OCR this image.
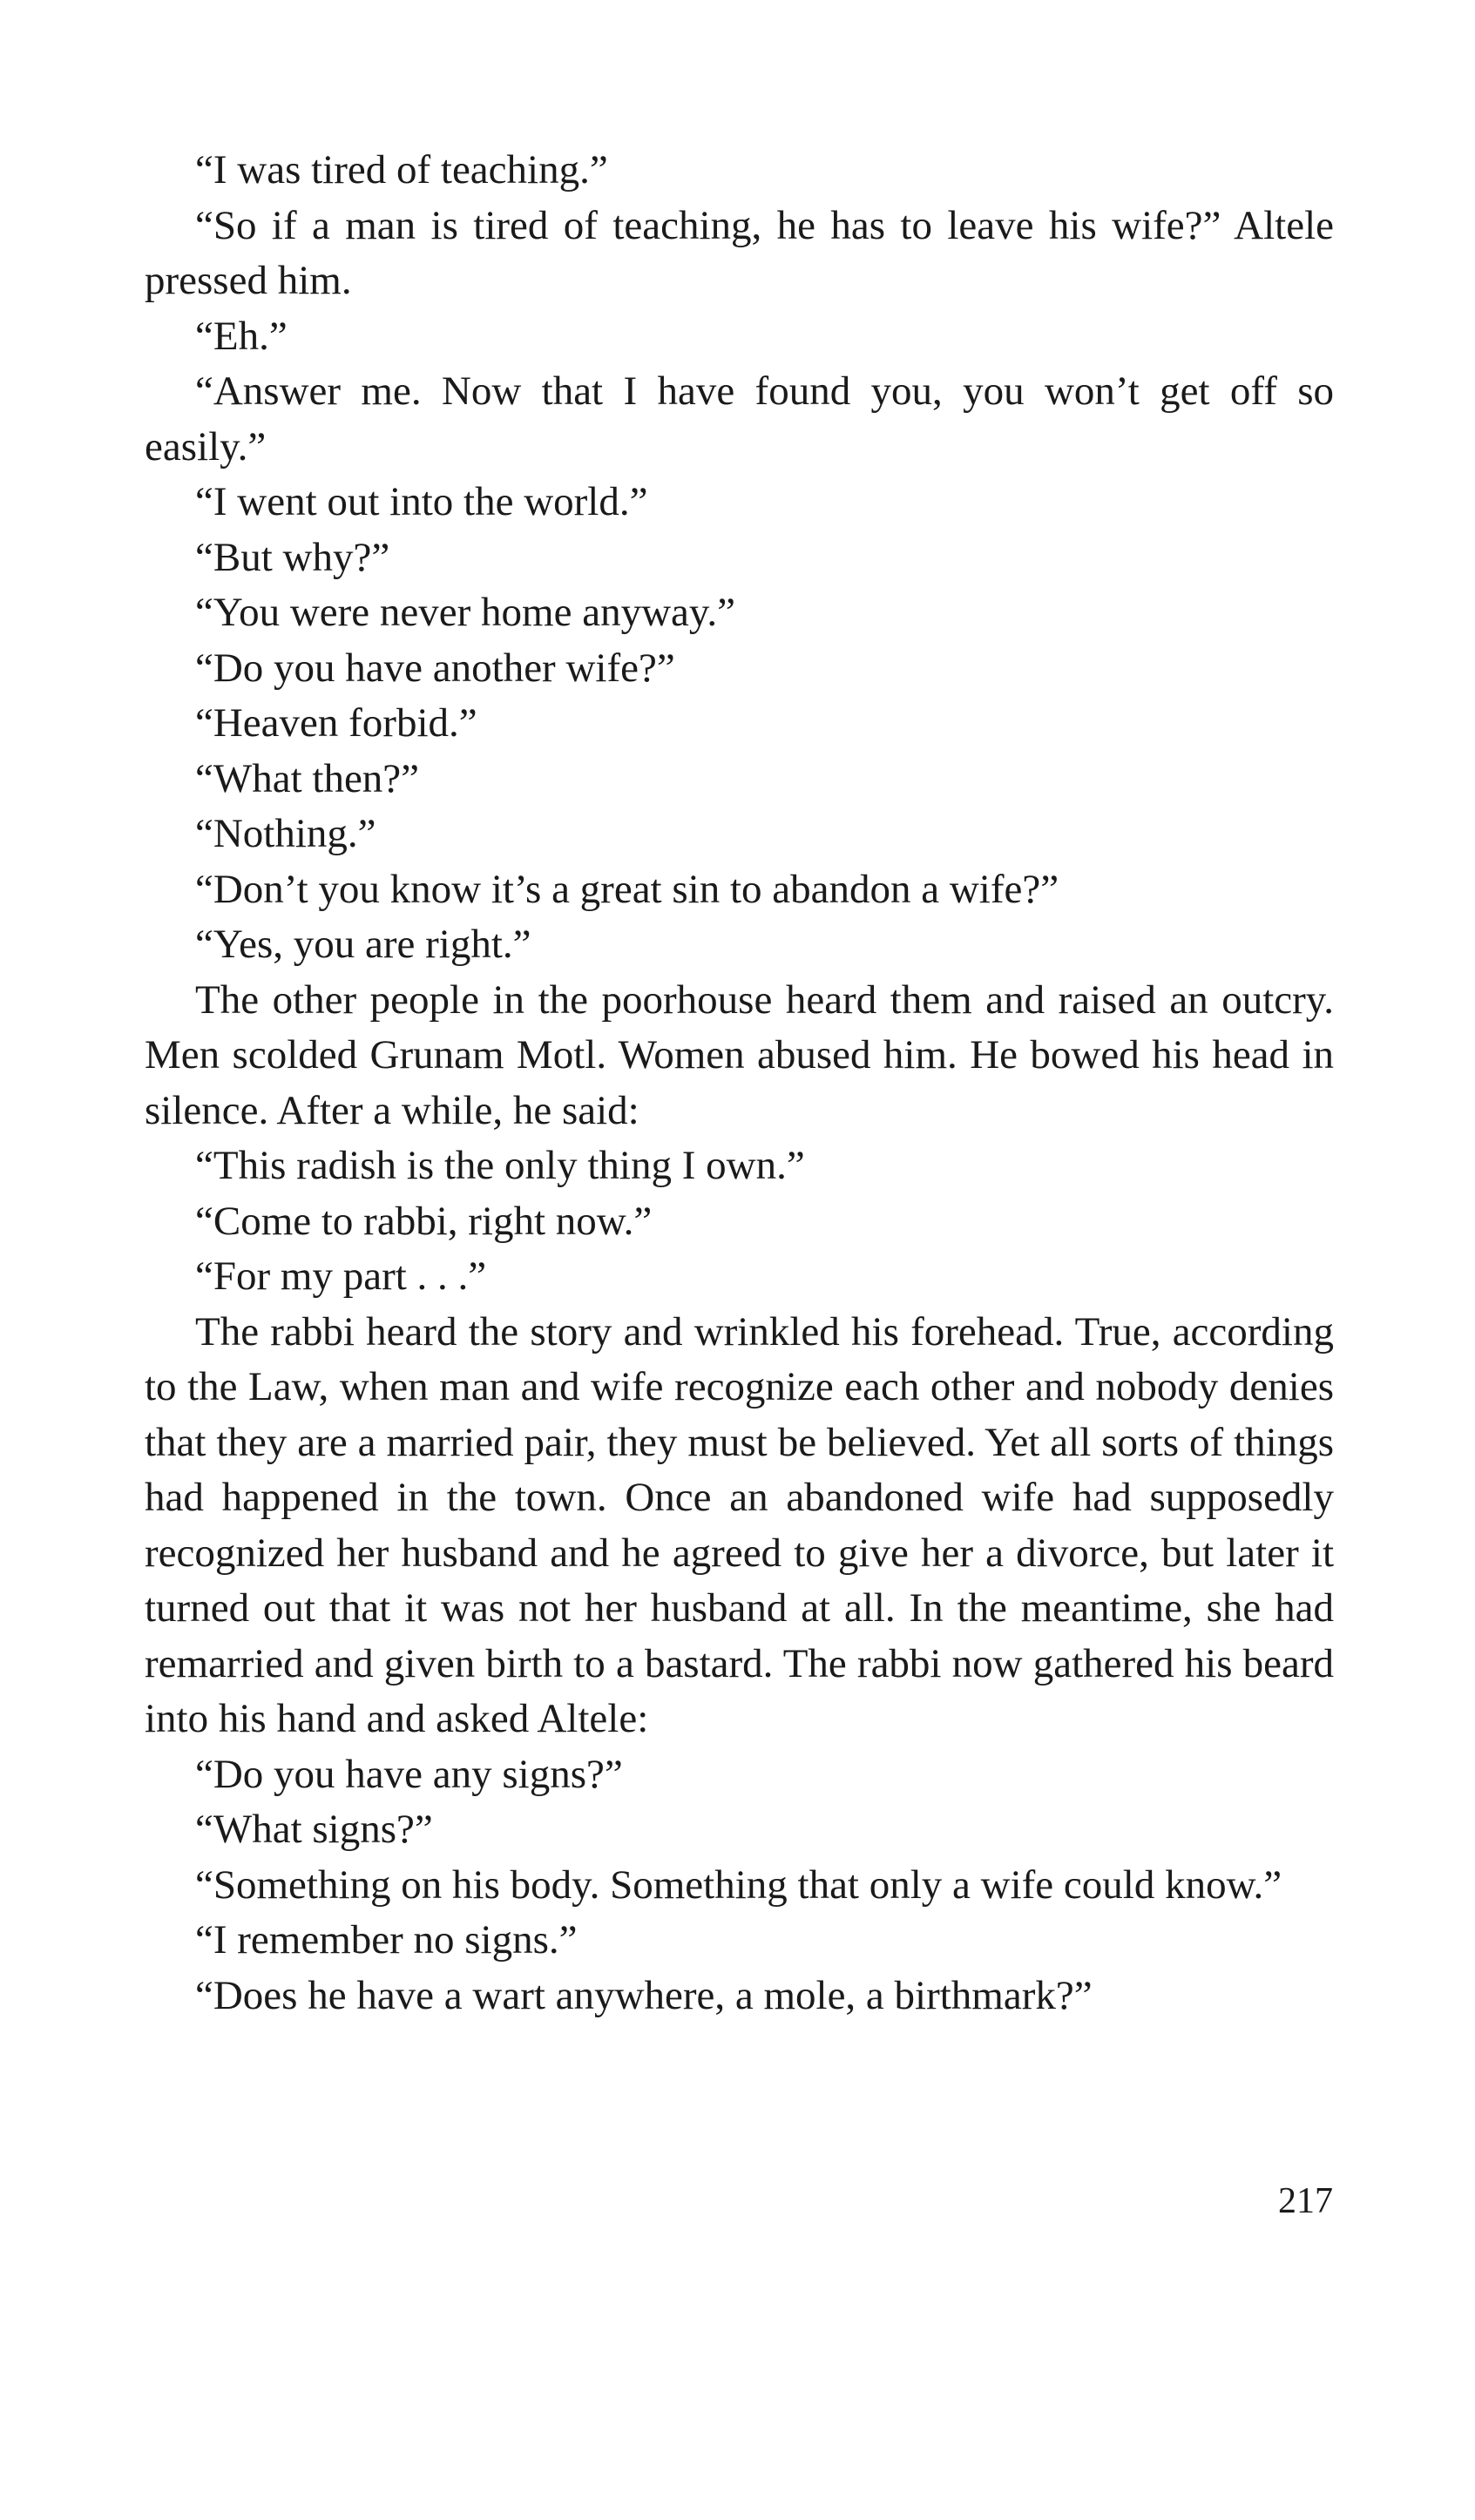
“I was tired of teaching.”

“So if a man is tired of teaching, he has to leave his wife?” Altele pressed him.

“Eh.”

“Answer me. Now that I have found you, you won’t get off so easily.”

“I went out into the world.”

“But why?”

“You were never home anyway.”

“Do you have another wife?”

“Heaven forbid.”

“What then?”

“Nothing.”

“Don’t you know it’s a great sin to abandon a wife?”

“Yes, you are right.”

The other people in the poorhouse heard them and raised an outcry. Men scolded Grunam Motl. Women abused him. He bowed his head in silence. After a while, he said:

“This radish is the only thing I own.”

“Come to rabbi, right now.”

“For my part . . .”

The rabbi heard the story and wrinkled his forehead. True, according to the Law, when man and wife recognize each other and nobody denies that they are a married pair, they must be believed. Yet all sorts of things had happened in the town. Once an abandoned wife had supposedly recognized her husband and he agreed to give her a divorce, but later it turned out that it was not her husband at all. In the meantime, she had remarried and given birth to a bastard. The rabbi now gathered his beard into his hand and asked Altele:

“Do you have any signs?”

“What signs?”

“Something on his body. Something that only a wife could know.”

“I remember no signs.”

“Does he have a wart anywhere, a mole, a birthmark?”

217
